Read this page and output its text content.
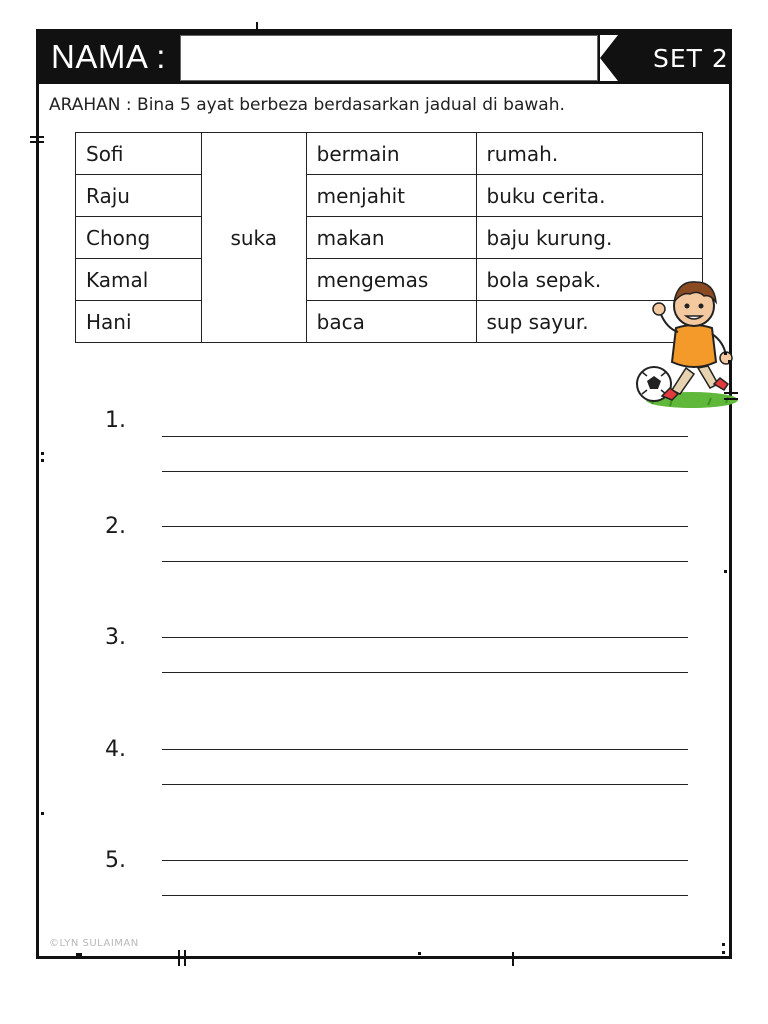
NAMA :	SET 2
ARAHAN : Bina 5 ayat berbeza berdasarkan jadual di bawah.
Sofi	suka	bermain	rumah.
Raju		menjahit	buku cerita.
Chong		makan	baju kurung.
Kamal		mengemas	bola sepak.
Hani		baca	sup sayur.
1.
2.
3.
4.
5.
©LYN SULAIMAN
